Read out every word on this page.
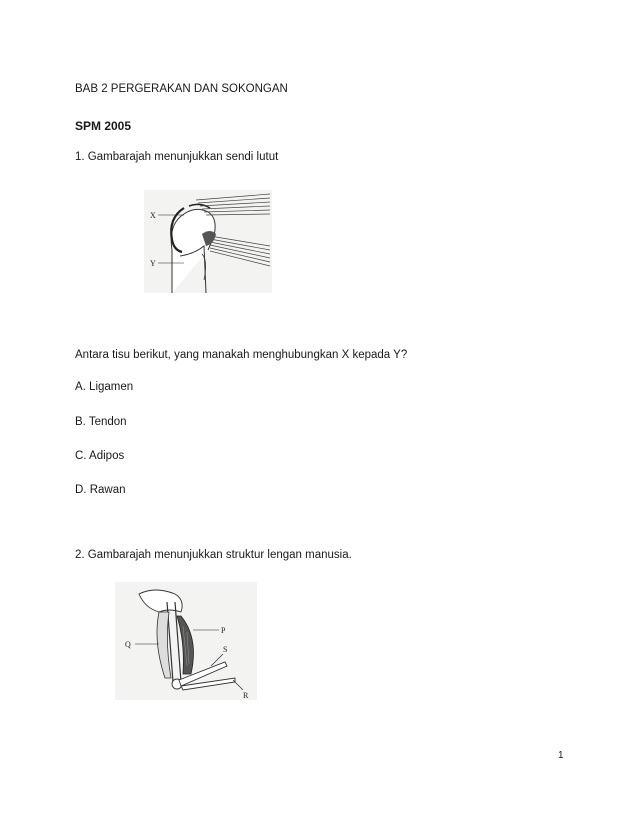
BAB 2 PERGERAKAN DAN SOKONGAN
SPM 2005
1. Gambarajah menunjukkan sendi lutut
X
Y
Antara tisu berikut, yang manakah menghubungkan X kepada Y?
A. Ligamen
B. Tendon
C. Adipos
D. Rawan
2. Gambarajah menunjukkan struktur lengan manusia.
P
Q
S
R
1
